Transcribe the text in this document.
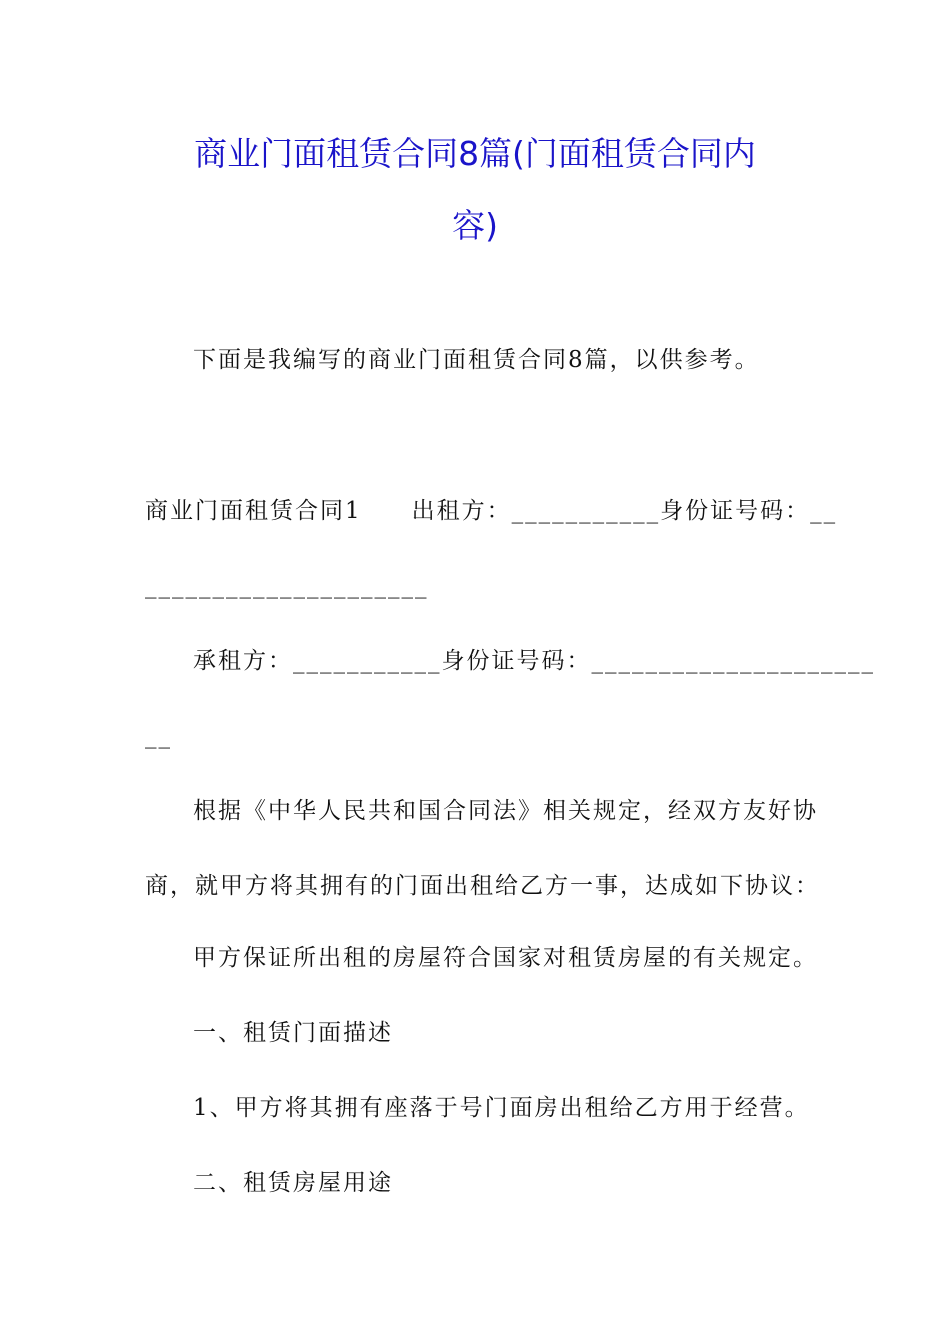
商业门面租赁合同8篇(门面租赁合同内
容)
下面是我编写的商业门面租赁合同8篇，以供参考。
商业门面租赁合同1　　出租方：___________身份证号码：__
_____________________
承租方：___________身份证号码：_____________________
__
根据《中华人民共和国合同法》相关规定，经双方友好协
商，就甲方将其拥有的门面出租给乙方一事，达成如下协议：
甲方保证所出租的房屋符合国家对租赁房屋的有关规定。
一、租赁门面描述
1、甲方将其拥有座落于号门面房出租给乙方用于经营。
二、租赁房屋用途
